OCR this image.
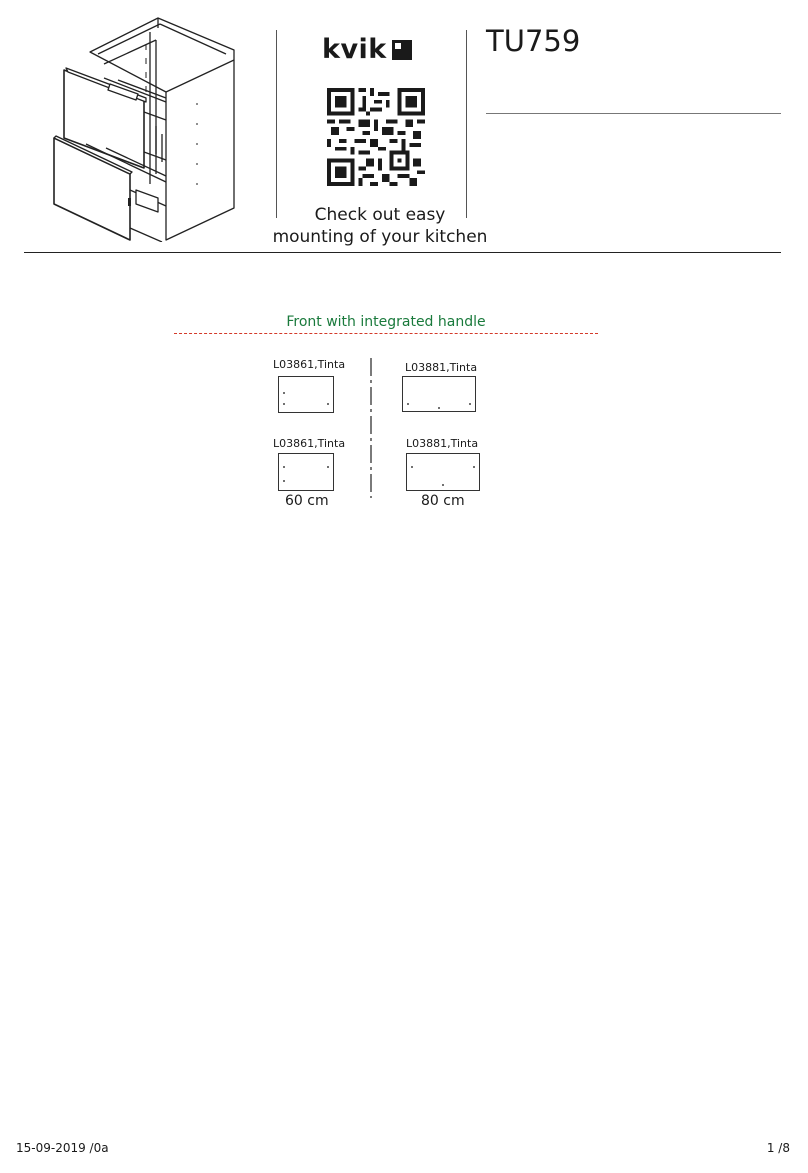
kvik	TU759
Check out easy
mounting of your kitchen
Front with integrated handle
L03861,Tinta	L03881,Tinta
L03861,Tinta	L03881,Tinta
60 cm	80 cm
15-09-2019 /0a	1 /8
